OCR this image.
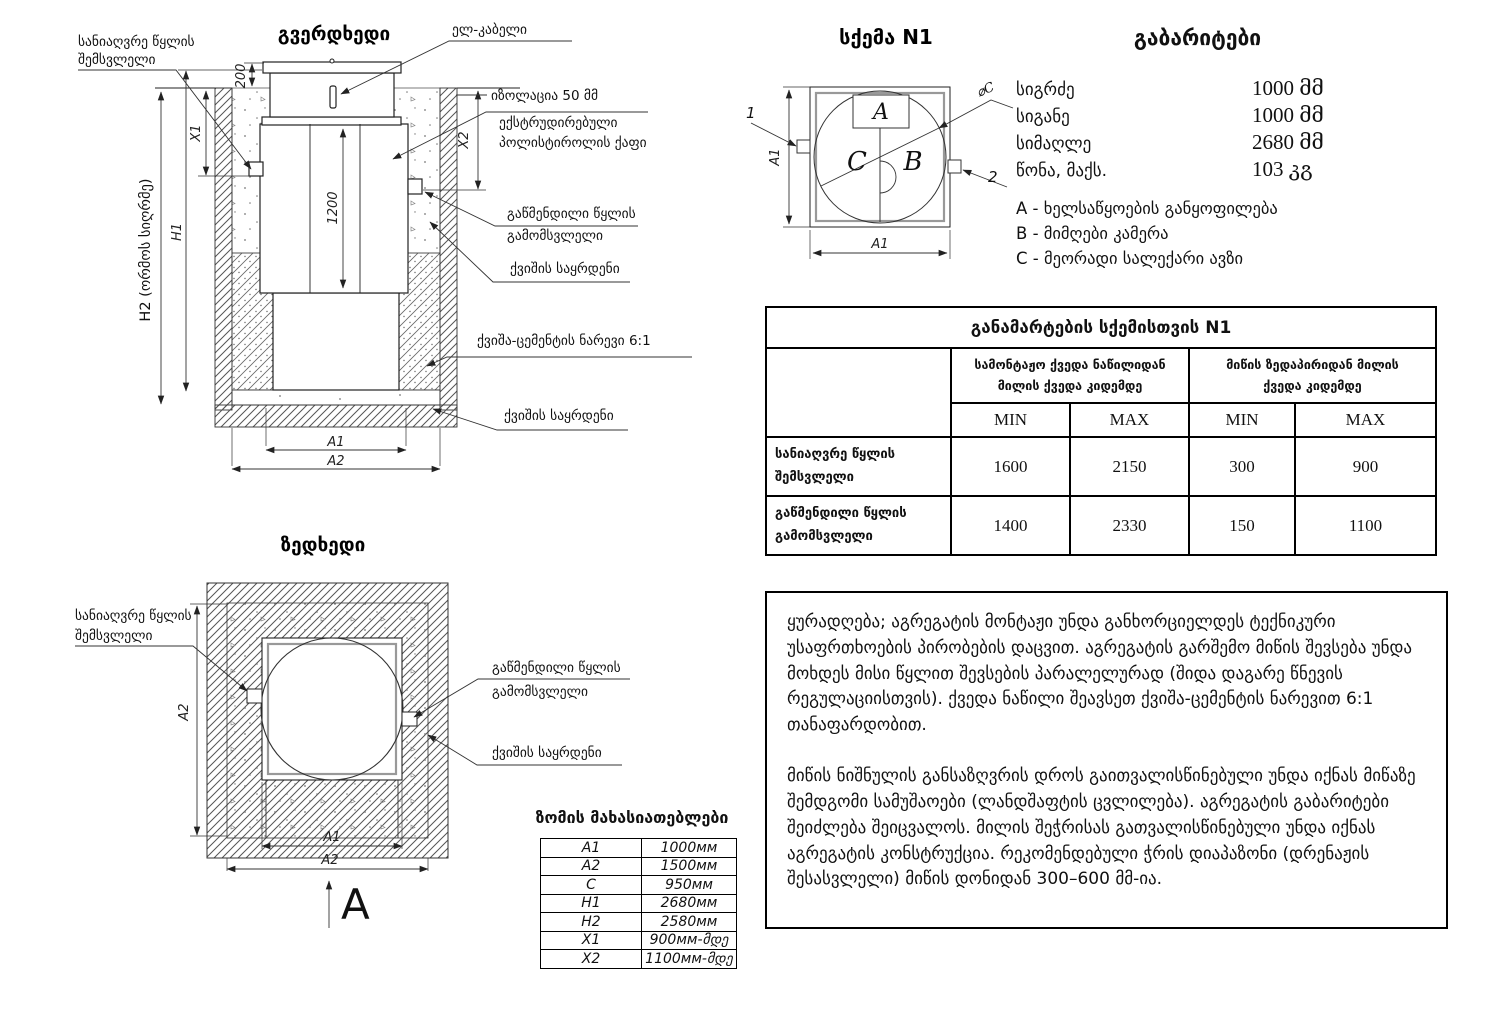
გვერდხედი
1200
H1
X1
200
X2
A1
A2
H2 (ორმოს სიღრმე)
სანიაღვრე წყლის
შემსვლელი
ელ-კაბელი
იზოლაცია 50 მმ
ექსტრუდირებული
პოლისტიროლის ქაფი
გაწმენდილი წყლის
გამომსვლელი
ქვიშის საყრდენი
ქვიშა-ცემენტის ნარევი 6:1
ქვიშის საყრდენი
ზედხედი
A2
A1
A2
A
სანიაღვრე წყლის
შემსვლელი
გაწმენდილი წყლის
გამომსვლელი
ქვიშის საყრდენი
სქემა N1
A
C B
⌀C
1
2
A1
A1
გაბარიტები
სიგრძე	1000 მმ
სიგანე	1000 მმ
სიმაღლე	2680 მმ
წონა, მაქს.	103 კგ
A - ხელსაწყოების განყოფილება
B - მიმღები კამერა
C - მეორადი სალექარი ავზი
განამარტების სქემისთვის N1				
	სამონტაჟო ქვედა ნაწილიდან მილის ქვედა კიდემდე		მიწის ზედაპირიდან მილის ქვედა კიდემდე	
	MIN	MAX	MIN	MAX
სანიაღვრე წყლის შემსვლელი	1600	2150	300	900
გაწმენდილი წყლის გამომსვლელი	1400	2330	150	1100
ზომის მახასიათებლები
A1	1000мм
A2	1500мм
C	950мм
H1	2680мм
H2	2580мм
X1	900мм-მდე
X2	1100мм-მდე

ყურადღება; აგრეგატის მონტაჟი უნდა განხორციელდეს ტექნიკური უსაფრთხოების პირობების დაცვით. აგრეგატის გარშემო მიწის შევსება უნდა მოხდეს მისი წყლით შევსების პარალელურად (შიდა დაგარე წნევის რეგულაციისთვის). ქვედა ნაწილი შეავსეთ ქვიშა-ცემენტის ნარევით 6:1 თანაფარდობით.

მიწის ნიშნულის განსაზღვრის დროს გაითვალისწინებული უნდა იქნას მიწაზე შემდგომი სამუშაოები (ლანდშაფტის ცვლილება). აგრეგატის გაბარიტები შეიძლება შეიცვალოს. მილის შეჭრისას გათვალისწინებული უნდა იქნას აგრეგატის კონსტრუქცია. რეკომენდებული ჭრის დიაპაზონი (დრენაჟის შესასვლელი) მიწის დონიდან 300–600 მმ-ია.
